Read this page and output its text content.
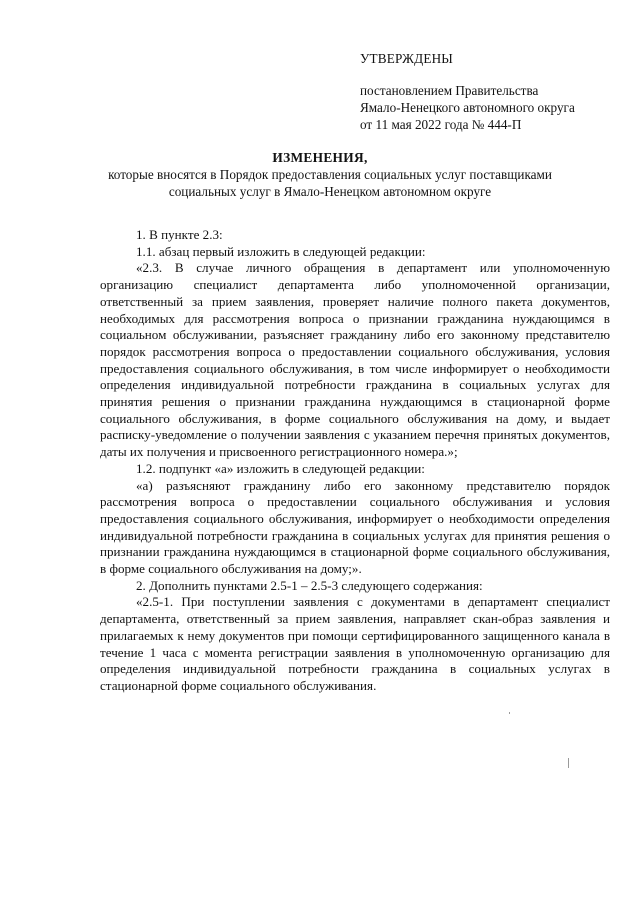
УТВЕРЖДЕНЫ
постановлением Правительства
Ямало-Ненецкого автономного округа
от 11 мая 2022 года № 444-П
ИЗМЕНЕНИЯ,
которые вносятся в Порядок предоставления социальных услуг поставщиками социальных услуг в Ямало-Ненецком автономном округе

1. В пункте 2.3:

1.1. абзац первый изложить в следующей редакции:

«2.3. В случае личного обращения в департамент или уполномоченную организацию специалист департамента либо уполномоченной организации, ответственный за прием заявления, проверяет наличие полного пакета документов, необходимых для рассмотрения вопроса о признании гражданина нуждающимся в социальном обслуживании, разъясняет гражданину либо его законному представителю порядок рассмотрения вопроса о предоставлении социального обслуживания, условия предоставления социального обслуживания, в том числе информирует о необходимости определения индивидуальной потребности гражданина в социальных услугах для принятия решения о признании гражданина нуждающимся в стационарной форме социального обслуживания, в форме социального обслуживания на дому, и выдает расписку-уведомление о получении заявления с указанием перечня принятых документов, даты их получения и присвоенного регистрационного номера.»;

1.2. подпункт «а» изложить в следующей редакции:

«а) разъясняют гражданину либо его законному представителю порядок рассмотрения вопроса о предоставлении социального обслуживания и условия предоставления социального обслуживания, информирует о необходимости определения индивидуальной потребности гражданина в социальных услугах для принятия решения о признании гражданина нуждающимся в стационарной форме социального обслуживания, в форме социального обслуживания на дому;».

2. Дополнить пунктами 2.5-1 – 2.5-3 следующего содержания:

«2.5-1. При поступлении заявления с документами в департамент специалист департамента, ответственный за прием заявления, направляет скан-образ заявления и прилагаемых к нему документов при помощи сертифицированного защищенного канала в течение 1 часа с момента регистрации заявления в уполномоченную организацию для определения индивидуальной потребности гражданина в социальных услугах в стационарной форме социального обслуживания.
